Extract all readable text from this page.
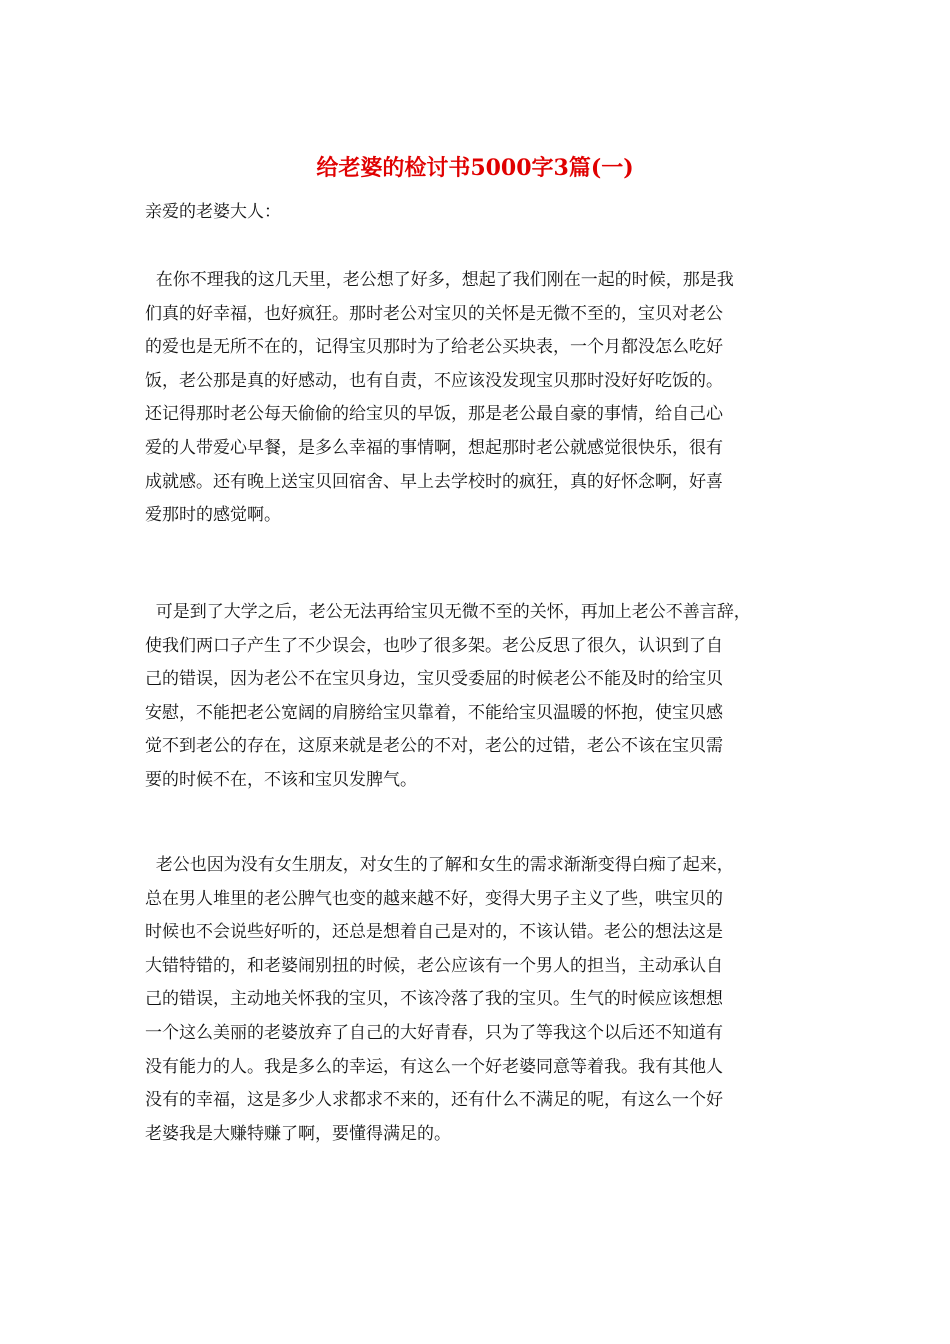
给老婆的检讨书5000字3篇(一)
亲爱的老婆大人：
在你不理我的这几天里，老公想了好多，想起了我们刚在一起的时候，那是我
们真的好幸福，也好疯狂。那时老公对宝贝的关怀是无微不至的，宝贝对老公
的爱也是无所不在的，记得宝贝那时为了给老公买块表，一个月都没怎么吃好
饭，老公那是真的好感动，也有自责，不应该没发现宝贝那时没好好吃饭的。
还记得那时老公每天偷偷的给宝贝的早饭，那是老公最自豪的事情，给自己心
爱的人带爱心早餐，是多么幸福的事情啊，想起那时老公就感觉很快乐，很有
成就感。还有晚上送宝贝回宿舍、早上去学校时的疯狂，真的好怀念啊，好喜
爱那时的感觉啊。
可是到了大学之后，老公无法再给宝贝无微不至的关怀，再加上老公不善言辞，
使我们两口子产生了不少误会，也吵了很多架。老公反思了很久，认识到了自
己的错误，因为老公不在宝贝身边，宝贝受委屈的时候老公不能及时的给宝贝
安慰，不能把老公宽阔的肩膀给宝贝靠着，不能给宝贝温暖的怀抱，使宝贝感
觉不到老公的存在，这原来就是老公的不对，老公的过错，老公不该在宝贝需
要的时候不在，不该和宝贝发脾气。
老公也因为没有女生朋友，对女生的了解和女生的需求渐渐变得白痴了起来，
总在男人堆里的老公脾气也变的越来越不好，变得大男子主义了些，哄宝贝的
时候也不会说些好听的，还总是想着自己是对的，不该认错。老公的想法这是
大错特错的，和老婆闹别扭的时候，老公应该有一个男人的担当，主动承认自
己的错误，主动地关怀我的宝贝，不该冷落了我的宝贝。生气的时候应该想想
一个这么美丽的老婆放弃了自己的大好青春，只为了等我这个以后还不知道有
没有能力的人。我是多么的幸运，有这么一个好老婆同意等着我。我有其他人
没有的幸福，这是多少人求都求不来的，还有什么不满足的呢，有这么一个好
老婆我是大赚特赚了啊，要懂得满足的。
